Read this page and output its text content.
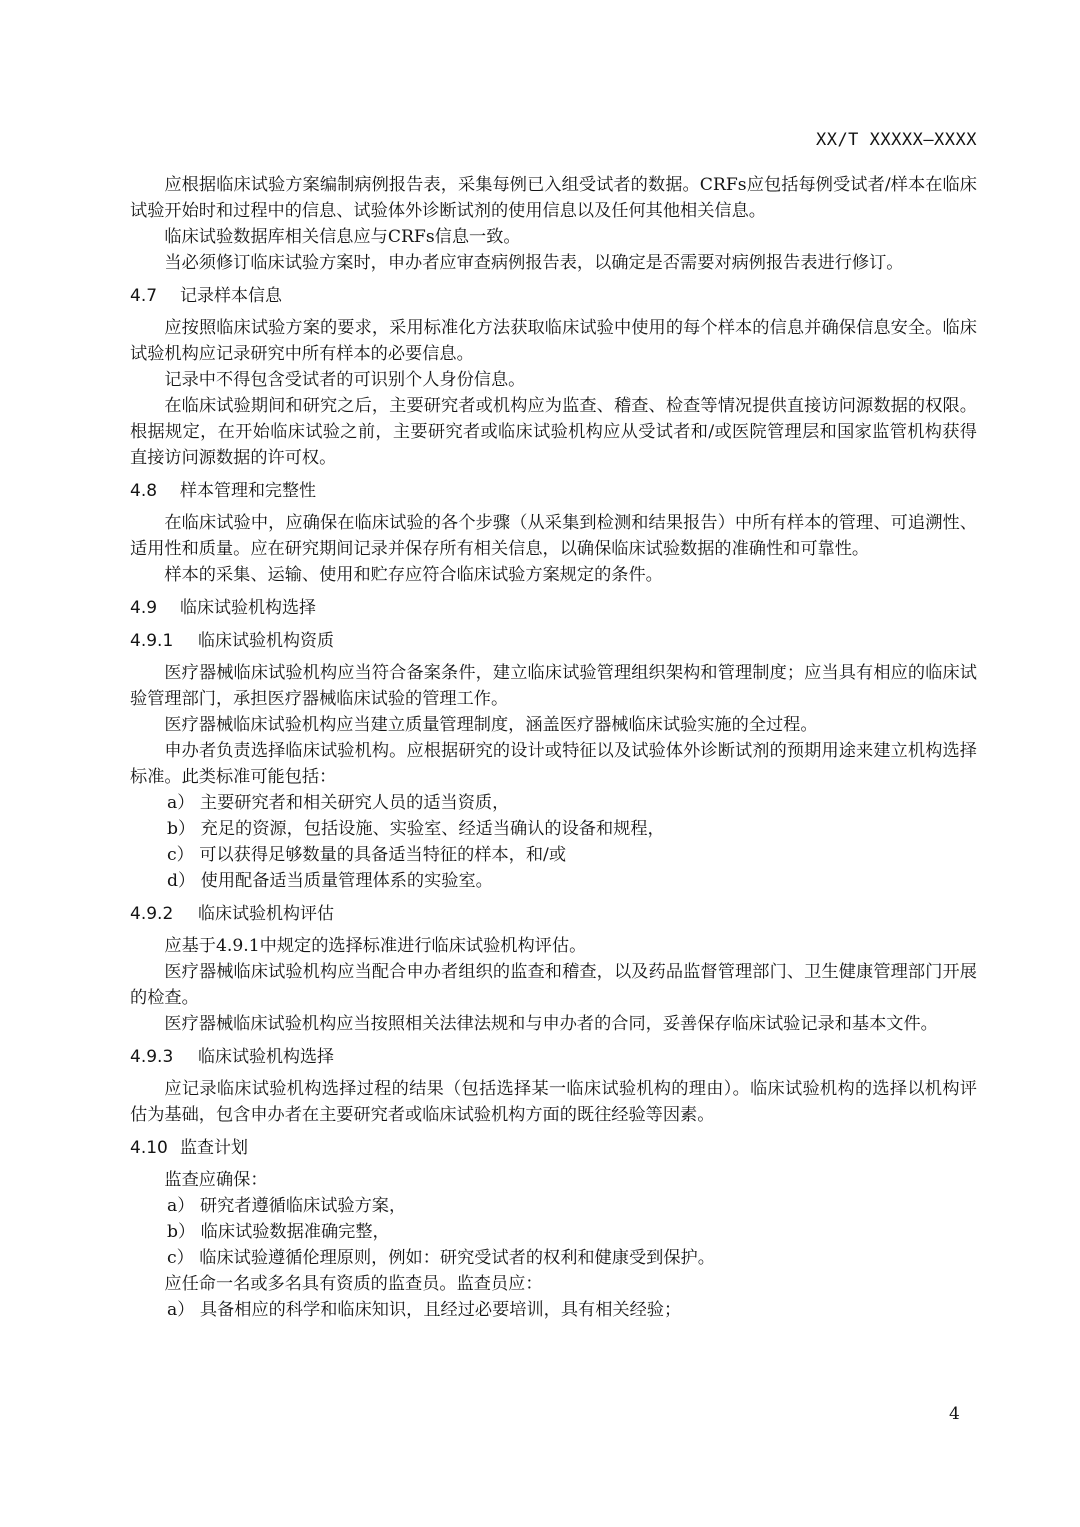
XX/T XXXXX—XXXX

应根据临床试验方案编制病例报告表，采集每例已入组受试者的数据。CRFs应包括每例受试者/样本在临床试验开始时和过程中的信息、试验体外诊断试剂的使用信息以及任何其他相关信息。

临床试验数据库相关信息应与CRFs信息一致。

当必须修订临床试验方案时，申办者应审查病例报告表，以确定是否需要对病例报告表进行修订。

4.7	记录样本信息

应按照临床试验方案的要求，采用标准化方法获取临床试验中使用的每个样本的信息并确保信息安全。临床试验机构应记录研究中所有样本的必要信息。

记录中不得包含受试者的可识别个人身份信息。

在临床试验期间和研究之后，主要研究者或机构应为监查、稽查、检查等情况提供直接访问源数据的权限。根据规定，在开始临床试验之前，主要研究者或临床试验机构应从受试者和/或医院管理层和国家监管机构获得直接访问源数据的许可权。

4.8	样本管理和完整性

在临床试验中，应确保在临床试验的各个步骤（从采集到检测和结果报告）中所有样本的管理、可追溯性、适用性和质量。应在研究期间记录并保存所有相关信息，以确保临床试验数据的准确性和可靠性。

样本的采集、运输、使用和贮存应符合临床试验方案规定的条件。

4.9	临床试验机构选择
4.9.1	临床试验机构资质

医疗器械临床试验机构应当符合备案条件，建立临床试验管理组织架构和管理制度；应当具有相应的临床试验管理部门，承担医疗器械临床试验的管理工作。

医疗器械临床试验机构应当建立质量管理制度，涵盖医疗器械临床试验实施的全过程。

申办者负责选择临床试验机构。应根据研究的设计或特征以及试验体外诊断试剂的预期用途来建立机构选择标准。此类标准可能包括：

a） 主要研究者和相关研究人员的适当资质，

b） 充足的资源，包括设施、实验室、经适当确认的设备和规程，

c） 可以获得足够数量的具备适当特征的样本，和/或

d） 使用配备适当质量管理体系的实验室。

4.9.2	临床试验机构评估

应基于4.9.1中规定的选择标准进行临床试验机构评估。

医疗器械临床试验机构应当配合申办者组织的监查和稽查，以及药品监督管理部门、卫生健康管理部门开展的检查。

医疗器械临床试验机构应当按照相关法律法规和与申办者的合同，妥善保存临床试验记录和基本文件。

4.9.3	临床试验机构选择

应记录临床试验机构选择过程的结果（包括选择某一临床试验机构的理由）。临床试验机构的选择以机构评估为基础，包含申办者在主要研究者或临床试验机构方面的既往经验等因素。

4.10 监查计划

监查应确保：

a） 研究者遵循临床试验方案，

b） 临床试验数据准确完整，

c） 临床试验遵循伦理原则，例如：研究受试者的权利和健康受到保护。

应任命一名或多名具有资质的监查员。监查员应：

a） 具备相应的科学和临床知识，且经过必要培训，具有相关经验；

4
